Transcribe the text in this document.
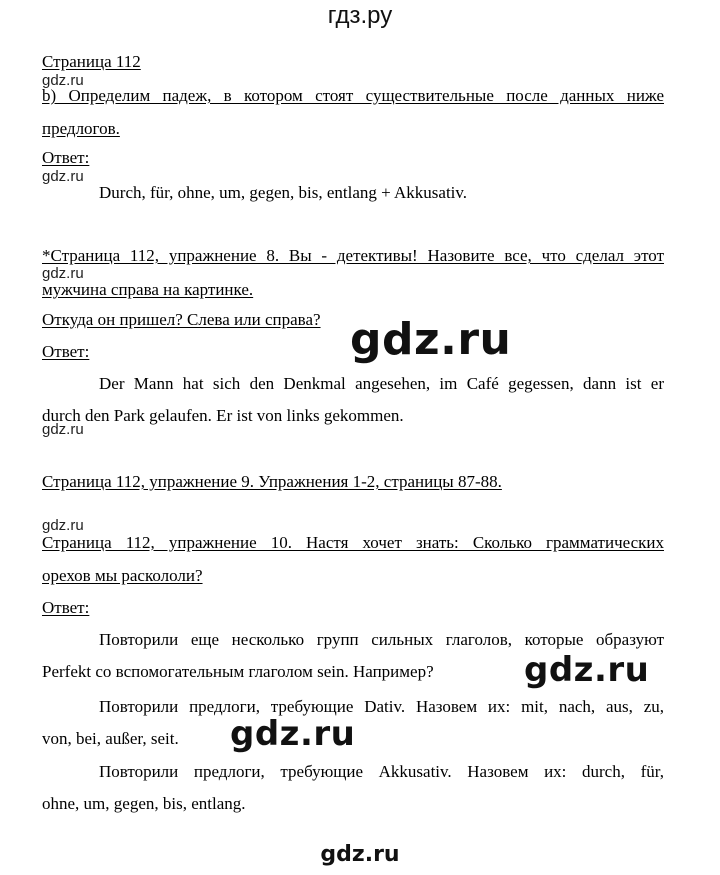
гдз.ру
Страница 112
gdz.ru
b) Определим падеж, в котором стоят существительные после данных ниже
предлогов.
Ответ:
gdz.ru
Durch, für, ohne, um, gegen, bis, entlang + Akkusativ.
*Страница 112, упражнение 8. Вы - детективы! Назовите все, что сделал этот
gdz.ru
мужчина справа на картинке.
Откуда он пришел? Слева или справа? gdz.ru
Ответ:
Der Mann hat sich den Denkmal angesehen, im Café gegessen, dann ist er
durch den Park gelaufen. Er ist von links gekommen.
gdz.ru
Страница 112, упражнение 9. Упражнения 1-2, страницы 87-88.
gdz.ru
Страница 112, упражнение 10. Настя хочет знать: Сколько грамматических
орехов мы раскололи?
Ответ:
Повторили еще несколько групп сильных глаголов, которые образуют
Perfekt со вспомогательным глаголом sein. Например?	gdz.ru
Повторили предлоги, требующие Dativ. Назовем их: mit, nach, aus, zu,
von, bei, außer, seit. gdz.ru
Повторили предлоги, требующие Akkusativ. Назовем их: durch, für,
ohne, um, gegen, bis, entlang.
gdz.ru
